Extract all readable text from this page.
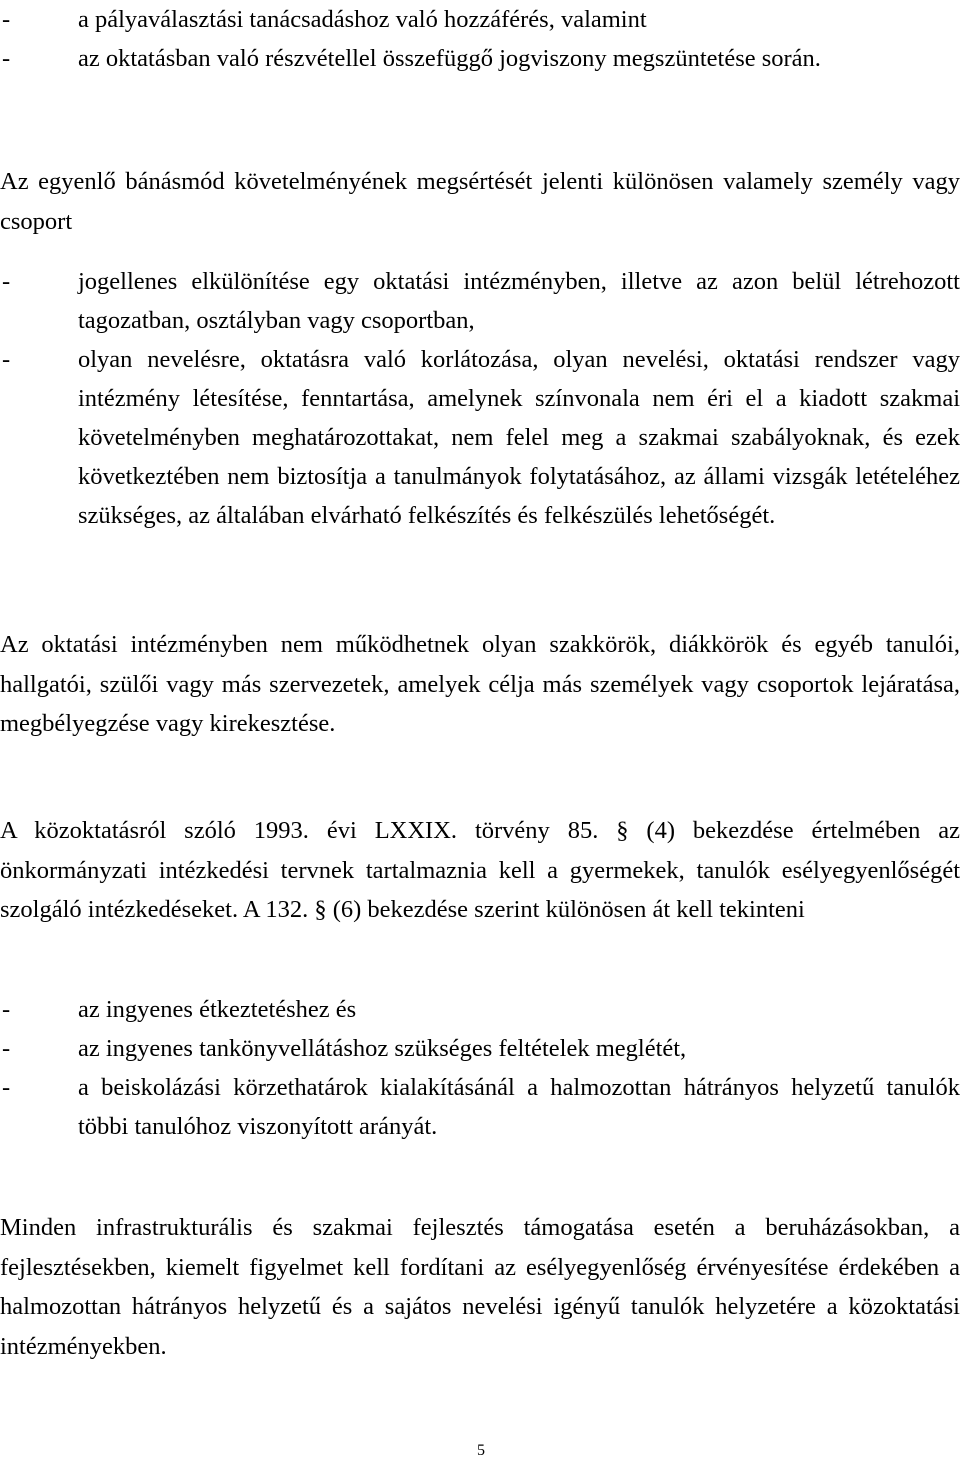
-	a pályaválasztási tanácsadáshoz való hozzáférés, valamint
-	az oktatásban való részvétellel összefüggő jogviszony megszüntetése során.

Az egyenlő bánásmód követelményének megsértését jelenti különösen valamely személy vagy csoport

-	jogellenes elkülönítése egy oktatási intézményben, illetve az azon belül létrehozott tagozatban, osztályban vagy csoportban,
-	olyan nevelésre, oktatásra való korlátozása, olyan nevelési, oktatási rendszer vagy intézmény létesítése, fenntartása, amelynek színvonala nem éri el a kiadott szakmai követelményben meghatározottakat, nem felel meg a szakmai szabályoknak, és ezek következtében nem biztosítja a tanulmányok folytatásához, az állami vizsgák letételéhez szükséges, az általában elvárható felkészítés és felkészülés lehetőségét.

Az oktatási intézményben nem működhetnek olyan szakkörök, diákkörök és egyéb tanulói, hallgatói, szülői vagy más szervezetek, amelyek célja más személyek vagy csoportok lejáratása, megbélyegzése vagy kirekesztése.

A közoktatásról szóló 1993. évi LXXIX. törvény 85. § (4) bekezdése értelmében az önkormányzati intézkedési tervnek tartalmaznia kell a gyermekek, tanulók esélyegyenlőségét szolgáló intézkedéseket. A 132. § (6) bekezdése szerint különösen át kell tekinteni

-	az ingyenes étkeztetéshez és
-	az ingyenes tankönyvellátáshoz szükséges feltételek meglétét,
-	a beiskolázási körzethatárok kialakításánál a halmozottan hátrányos helyzetű tanulók többi tanulóhoz viszonyított arányát.

Minden infrastrukturális és szakmai fejlesztés támogatása esetén a beruházásokban, a fejlesztésekben, kiemelt figyelmet kell fordítani az esélyegyenlőség érvényesítése érdekében a halmozottan hátrányos helyzetű és a sajátos nevelési igényű tanulók helyzetére a közoktatási intézményekben.

5
